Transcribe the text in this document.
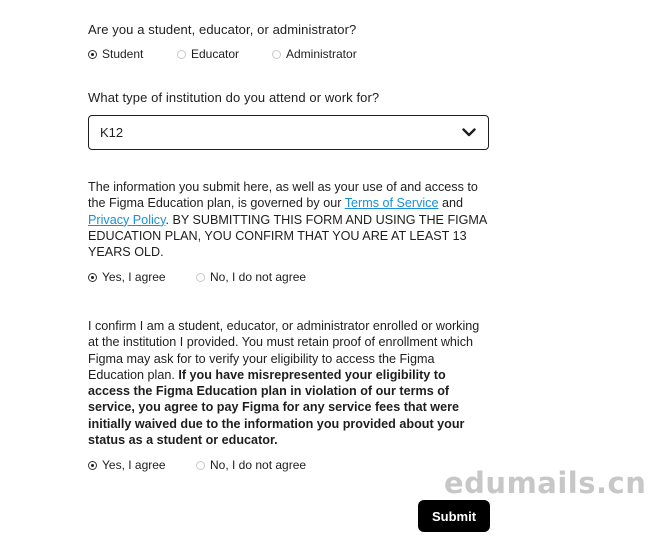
Are you a student, educator, or administrator?
Student	Educator	Administrator
What type of institution do you attend or work for?
K12
The information you submit here, as well as your use of and access to the Figma Education plan, is governed by our Terms of Service and Privacy Policy. BY SUBMITTING THIS FORM AND USING THE FIGMA EDUCATION PLAN, YOU CONFIRM THAT YOU ARE AT LEAST 13 YEARS OLD.
Yes, I agree	No, I do not agree
I confirm I am a student, educator, or administrator enrolled or working at the institution I provided. You must retain proof of enrollment which Figma may ask for to verify your eligibility to access the Figma Education plan. If you have misrepresented your eligibility to access the Figma Education plan in violation of our terms of service, you agree to pay Figma for any service fees that were initially waived due to the information you provided about your status as a student or educator.
Yes, I agree	No, I do not agree
edumails.cn
Submit
